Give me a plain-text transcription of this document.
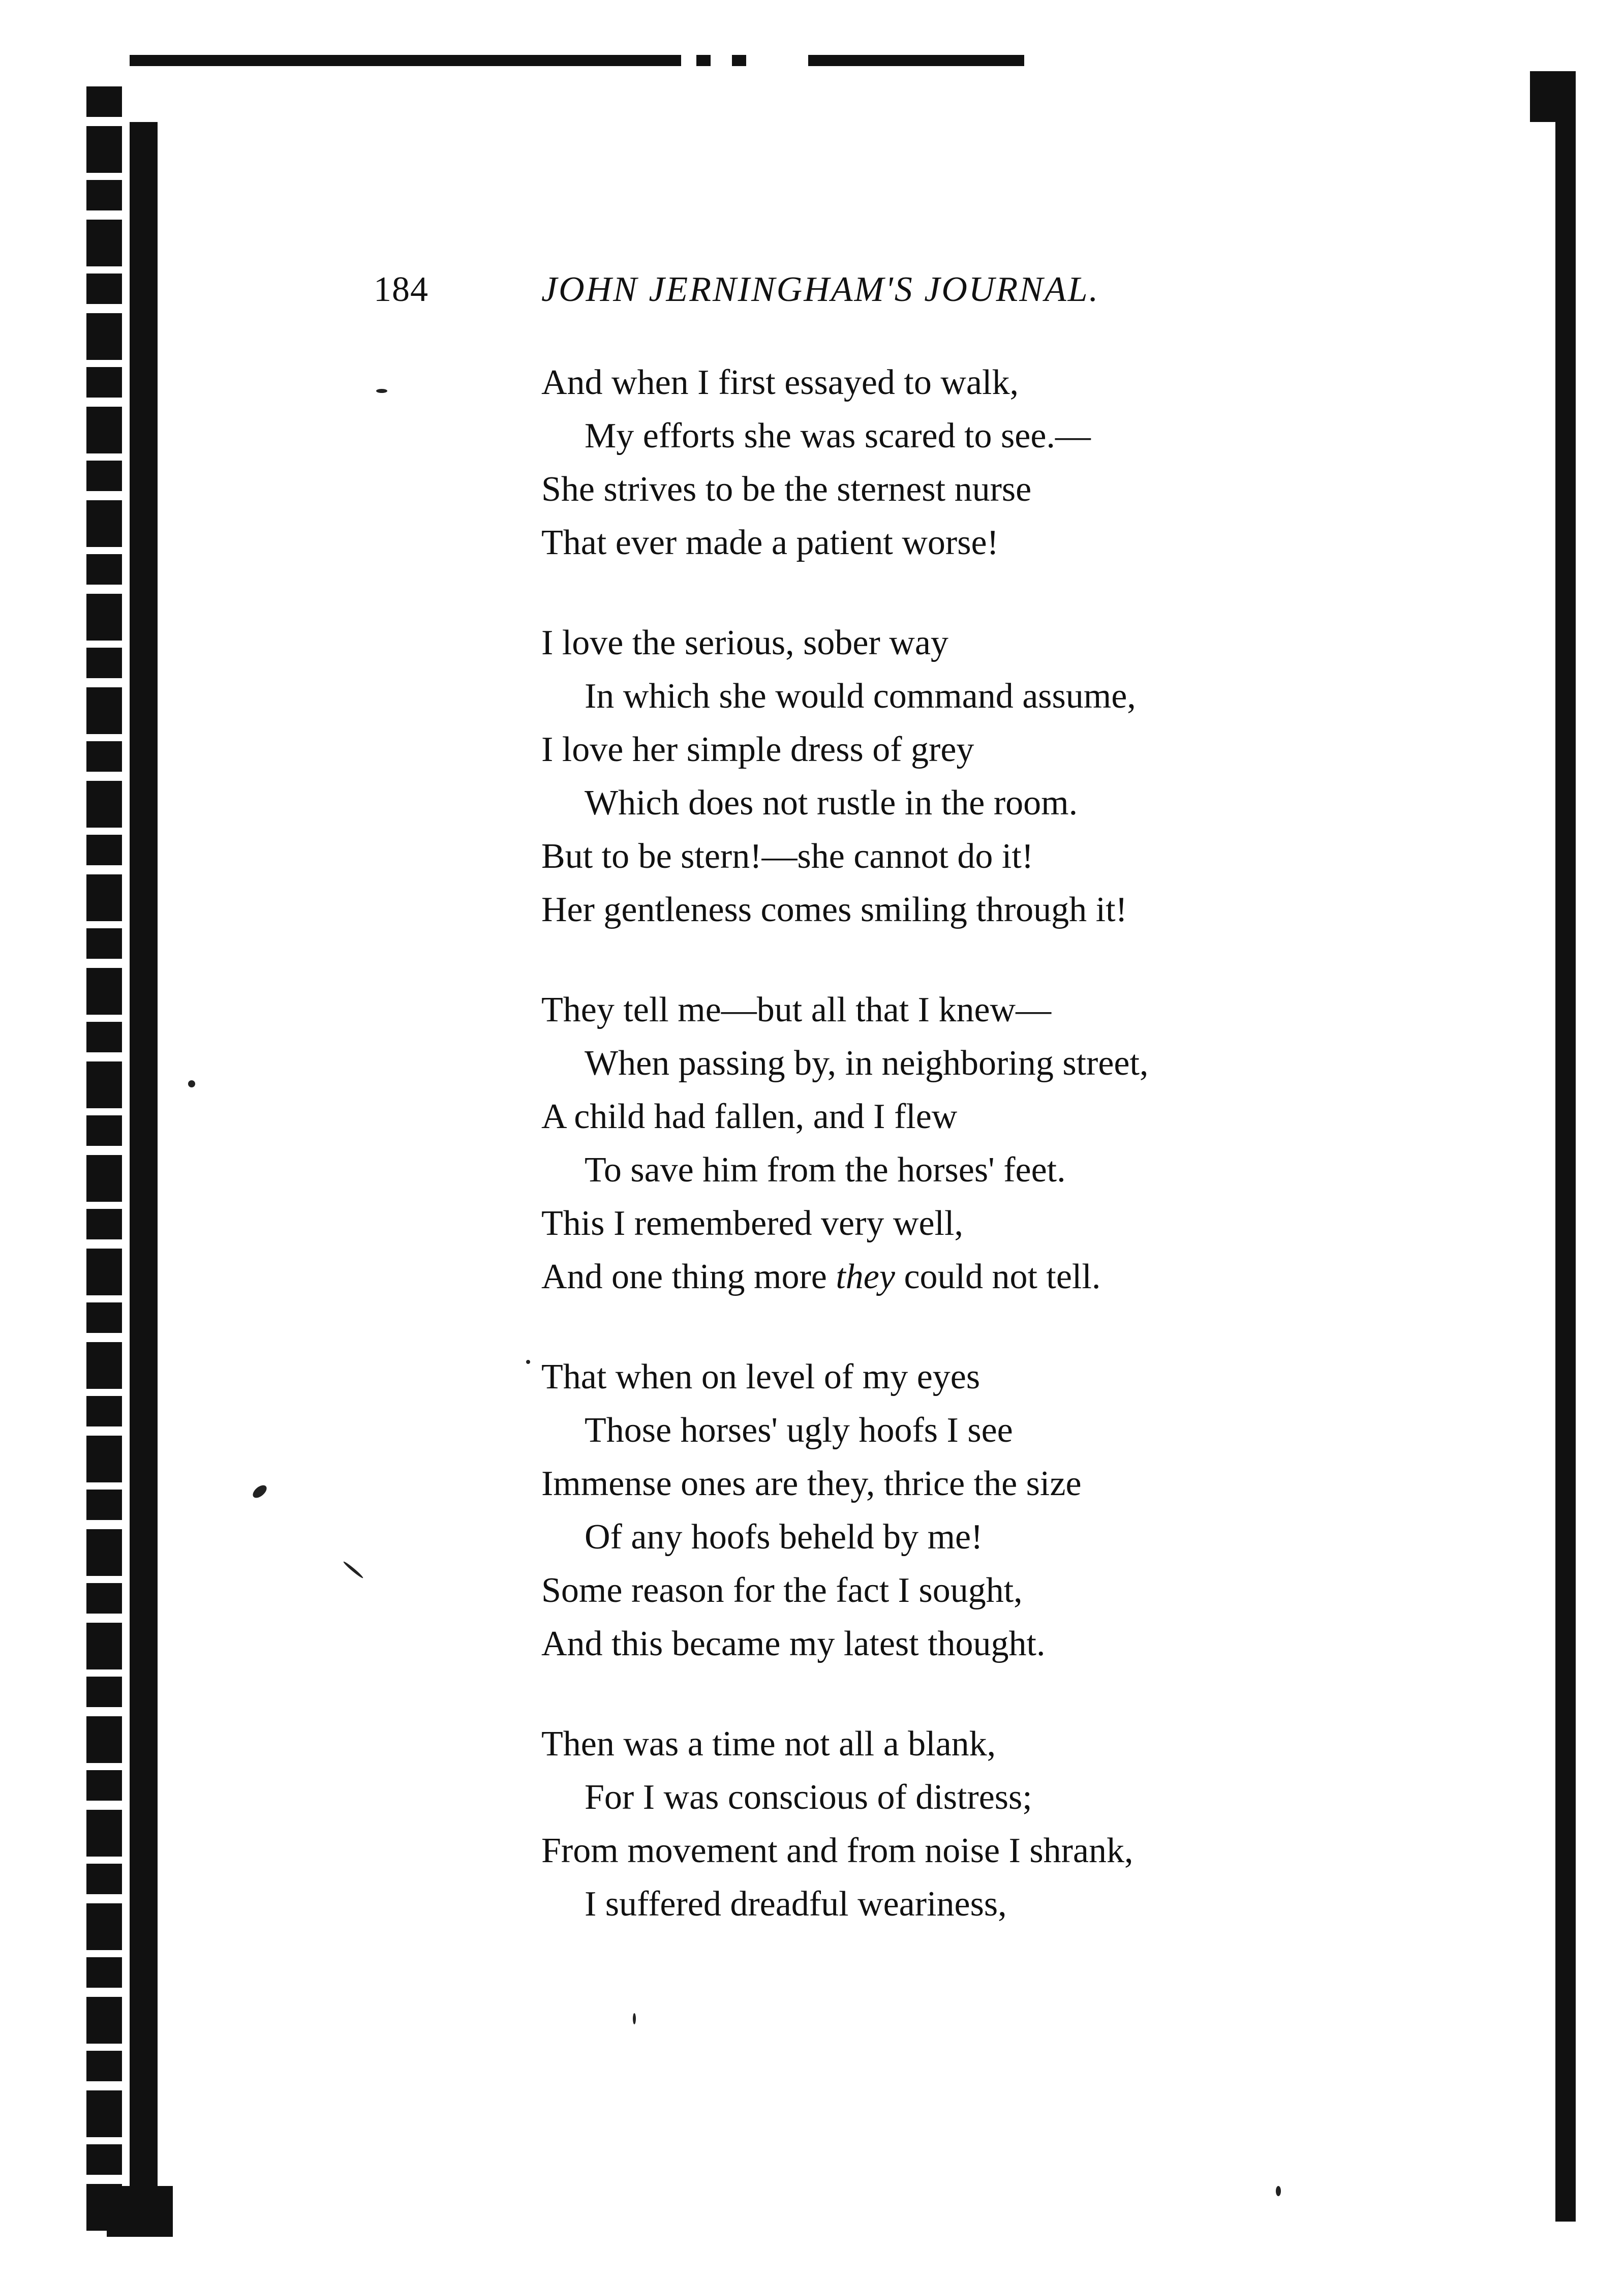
184	JOHN JERNINGHAM'S JOURNAL.
And when I first essayed to walk,
My efforts she was scared to see.—
She strives to be the sternest nurse
That ever made a patient worse!
I love the serious, sober way
In which she would command assume,
I love her simple dress of grey
Which does not rustle in the room.
But to be stern!—she cannot do it!
Her gentleness comes smiling through it!
They tell me—but all that I knew—
When passing by, in neighboring street,
A child had fallen, and I flew
To save him from the horses' feet.
This I remembered very well,
And one thing more they could not tell.
That when on level of my eyes
Those horses' ugly hoofs I see
Immense ones are they, thrice the size
Of any hoofs beheld by me!
Some reason for the fact I sought,
And this became my latest thought.
Then was a time not all a blank,
For I was conscious of distress;
From movement and from noise I shrank,
I suffered dreadful weariness,
